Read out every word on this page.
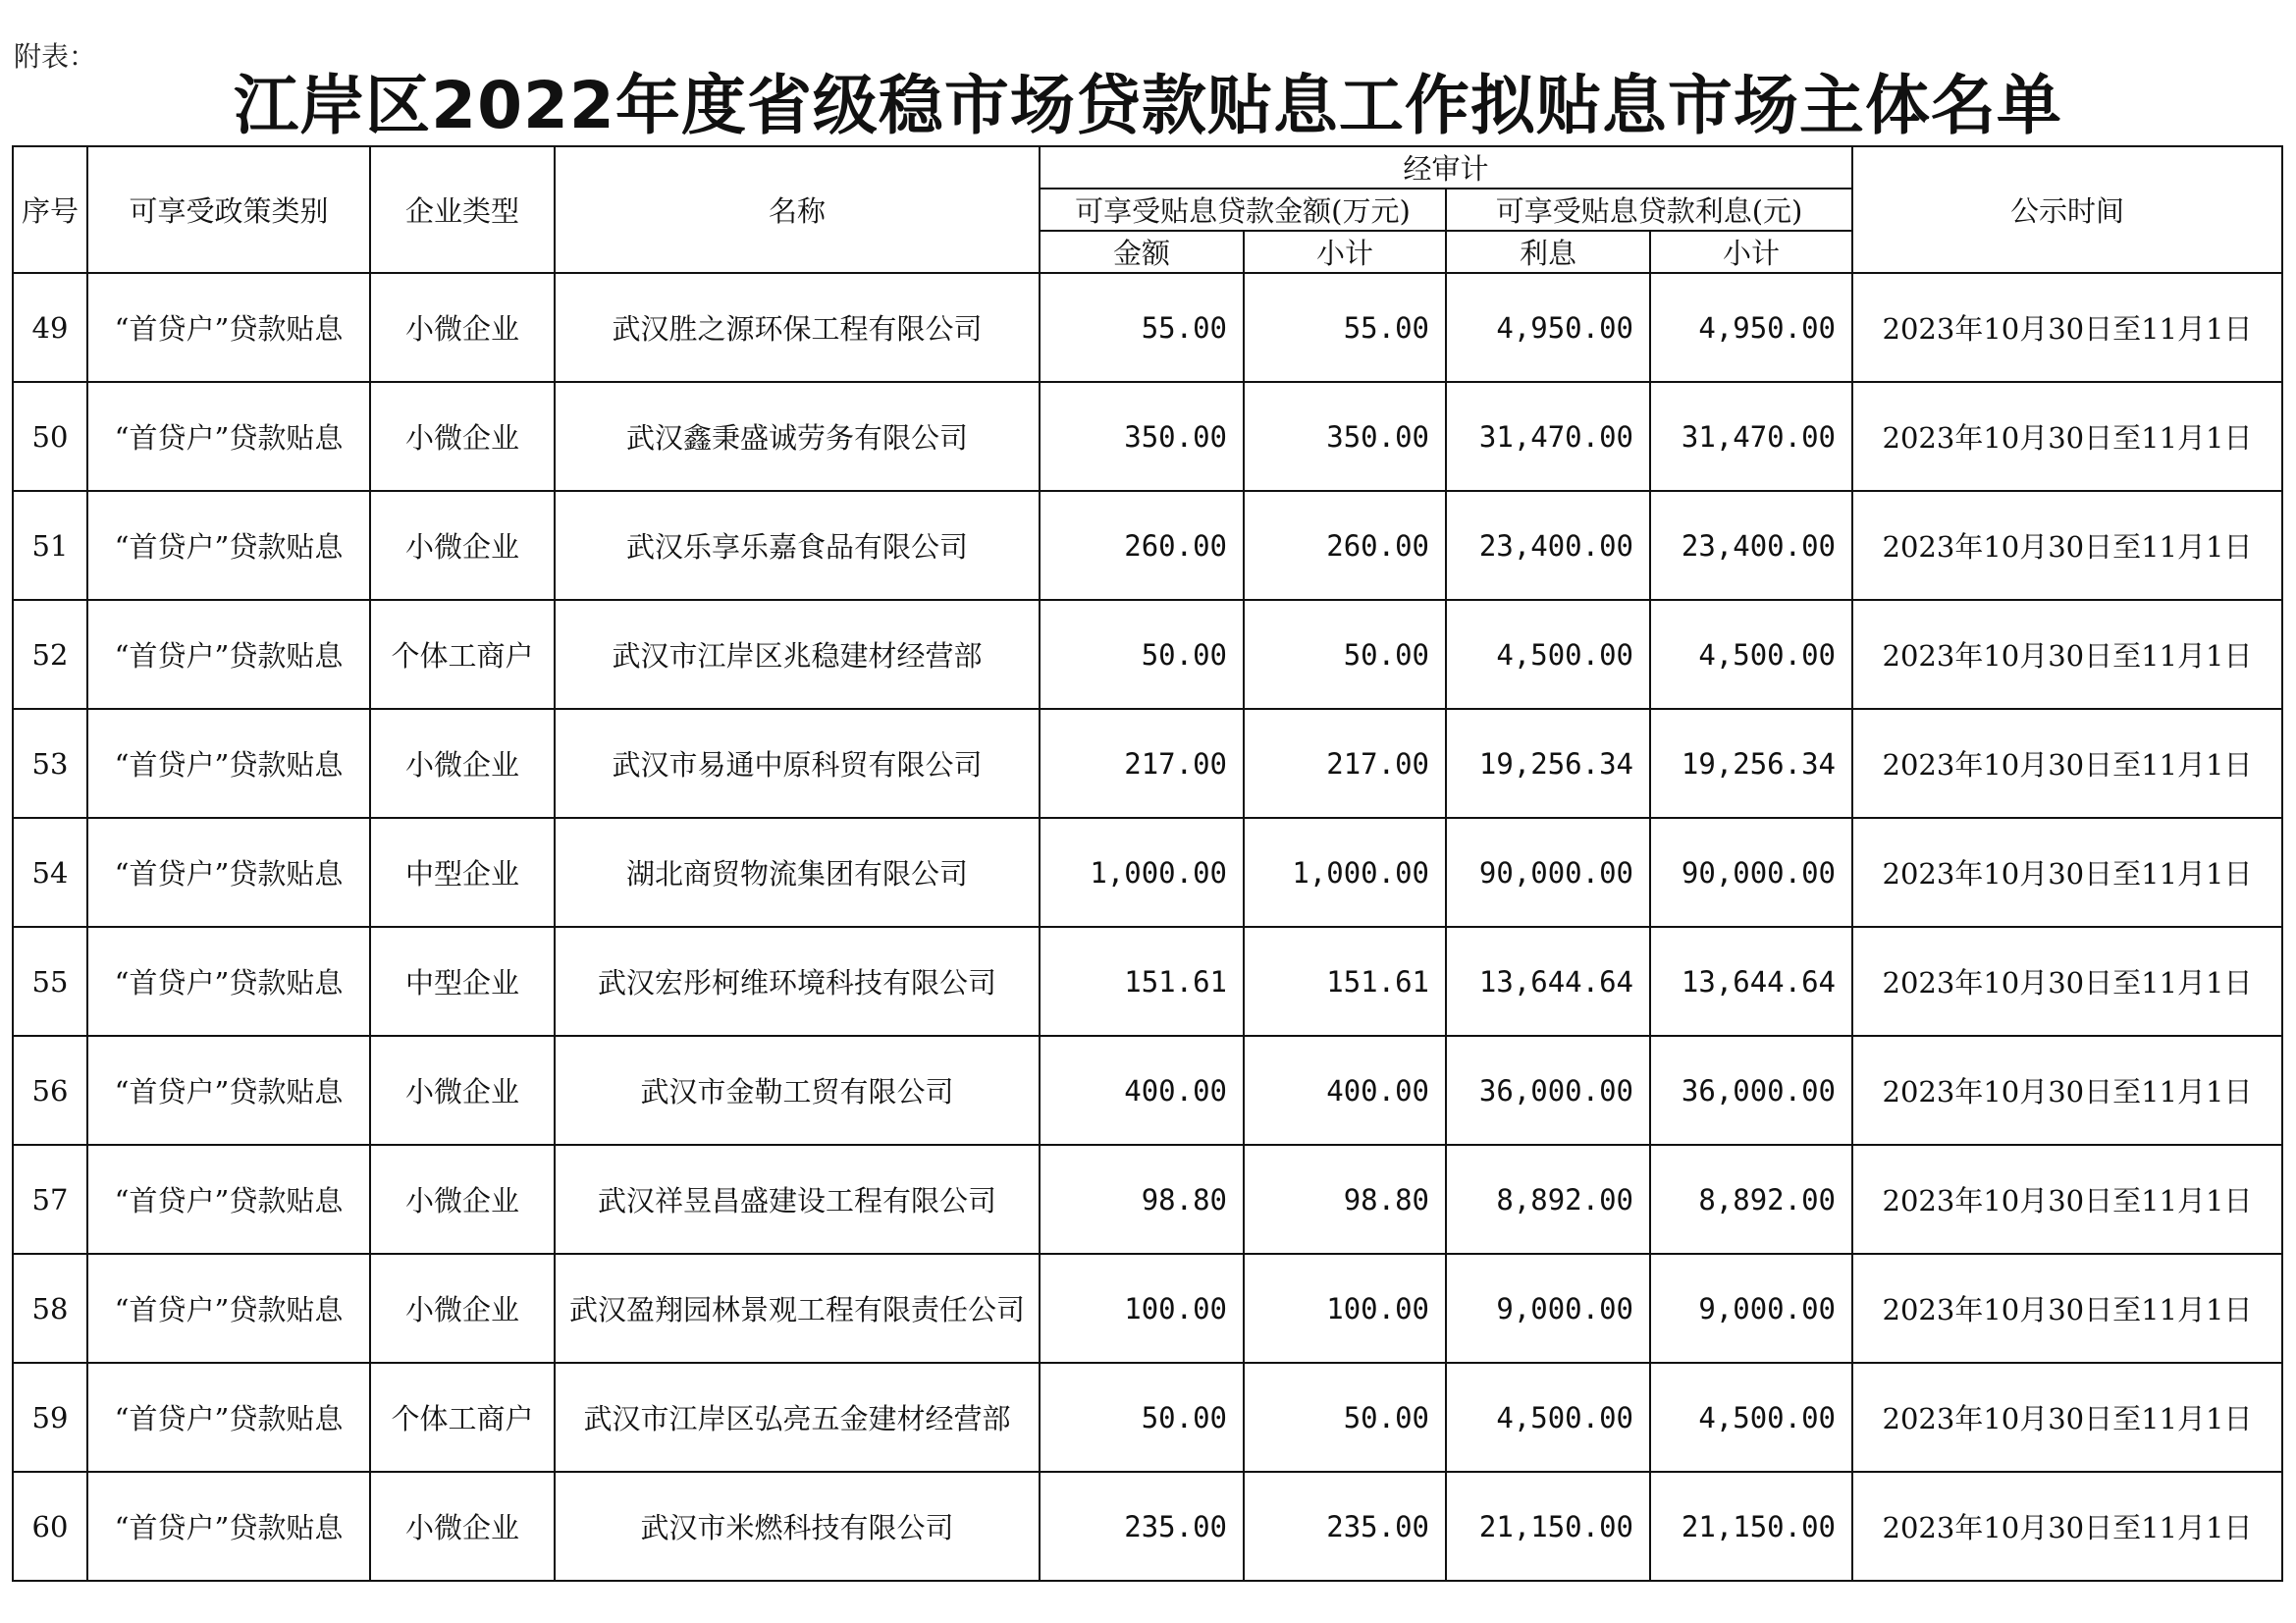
附表：
江岸区2022年度省级稳市场贷款贴息工作拟贴息市场主体名单
序号	可享受政策类别	企业类型	名称	经审计				公示时间
				可享受贴息贷款金额(万元)		可享受贴息贷款利息(元)		
				金额	小计	利息	小计	
49	“首贷户”贷款贴息	小微企业	武汉胜之源环保工程有限公司	55.00	55.00	4,950.00	4,950.00	2023年10月30日至11月1日
50	“首贷户”贷款贴息	小微企业	武汉鑫秉盛诚劳务有限公司	350.00	350.00	31,470.00	31,470.00	2023年10月30日至11月1日
51	“首贷户”贷款贴息	小微企业	武汉乐享乐嘉食品有限公司	260.00	260.00	23,400.00	23,400.00	2023年10月30日至11月1日
52	“首贷户”贷款贴息	个体工商户	武汉市江岸区兆稳建材经营部	50.00	50.00	4,500.00	4,500.00	2023年10月30日至11月1日
53	“首贷户”贷款贴息	小微企业	武汉市易通中原科贸有限公司	217.00	217.00	19,256.34	19,256.34	2023年10月30日至11月1日
54	“首贷户”贷款贴息	中型企业	湖北商贸物流集团有限公司	1,000.00	1,000.00	90,000.00	90,000.00	2023年10月30日至11月1日
55	“首贷户”贷款贴息	中型企业	武汉宏彤柯维环境科技有限公司	151.61	151.61	13,644.64	13,644.64	2023年10月30日至11月1日
56	“首贷户”贷款贴息	小微企业	武汉市金勒工贸有限公司	400.00	400.00	36,000.00	36,000.00	2023年10月30日至11月1日
57	“首贷户”贷款贴息	小微企业	武汉祥昱昌盛建设工程有限公司	98.80	98.80	8,892.00	8,892.00	2023年10月30日至11月1日
58	“首贷户”贷款贴息	小微企业	武汉盈翔园林景观工程有限责任公司	100.00	100.00	9,000.00	9,000.00	2023年10月30日至11月1日
59	“首贷户”贷款贴息	个体工商户	武汉市江岸区弘亮五金建材经营部	50.00	50.00	4,500.00	4,500.00	2023年10月30日至11月1日
60	“首贷户”贷款贴息	小微企业	武汉市米燃科技有限公司	235.00	235.00	21,150.00	21,150.00	2023年10月30日至11月1日
